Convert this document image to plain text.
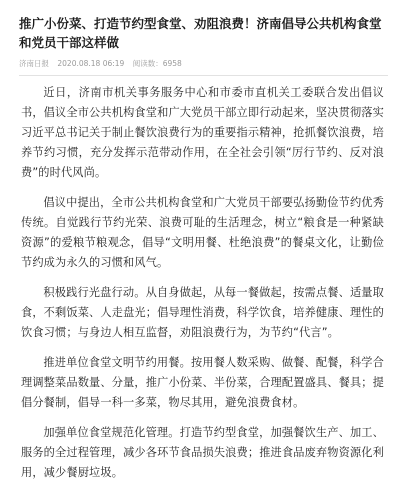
推广小份菜、打造节约型食堂、劝阻浪费！济南倡导公共机构食堂和党员干部这样做
济南日报 2020.08.18 06:19 阅读数：6958

近日，济南市机关事务服务中心和市委市直机关工委联合发出倡议书，倡议全市公共机构食堂和广大党员干部立即行动起来，坚决贯彻落实习近平总书记关于制止餐饮浪费行为的重要指示精神，抢抓餐饮浪费，培养节约习惯，充分发挥示范带动作用，在全社会引领“厉行节约、反对浪费”的时代风尚。

倡议中提出，全市公共机构食堂和广大党员干部要弘扬勤俭节约优秀传统。自觉践行节约光荣、浪费可耻的生活理念，树立“粮食是一种紧缺资源”的爱粮节粮观念，倡导“文明用餐、杜绝浪费”的餐桌文化，让勤俭节约成为永久的习惯和风气。

积极践行光盘行动。从自身做起，从每一餐做起，按需点餐、适量取食，不剩饭菜、人走盘光；倡导理性消费，科学饮食，培养健康、理性的饮食习惯；与身边人相互监督，劝阻浪费行为，为节约“代言”。

推进单位食堂文明节约用餐。按用餐人数采购、做餐、配餐，科学合理调整菜品数量、分量，推广小份菜、半份菜，合理配置盛具、餐具；提倡分餐制，倡导一科一多菜，物尽其用，避免浪费食材。

加强单位食堂规范化管理。打造节约型食堂，加强餐饮生产、加工、服务的全过程管理，减少各环节食品损失浪费；推进食品废弃物资源化利用，减少餐厨垃圾。
